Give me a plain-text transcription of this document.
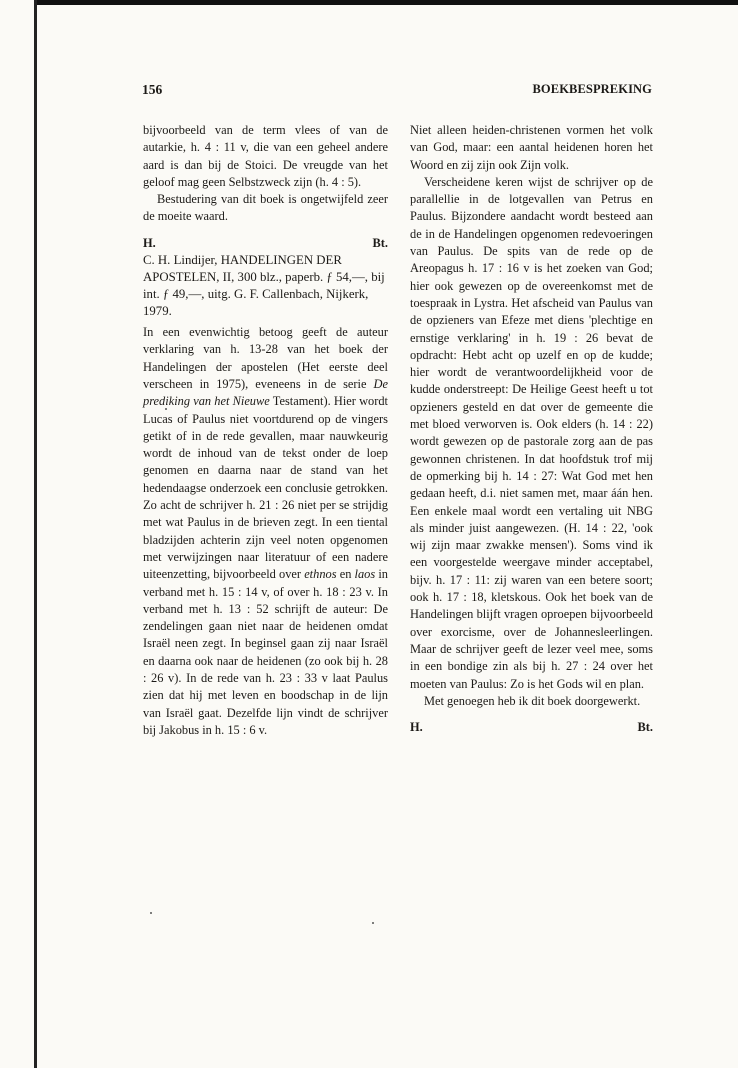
156	BOEKBESPREKING

bijvoorbeeld van de term vlees of van de autarkie, h. 4 : 11 v, die van een geheel andere aard is dan bij de Stoici. De vreugde van het geloof mag geen Selbstzweck zijn (h. 4 : 5).

Bestudering van dit boek is ongetwijfeld zeer de moeite waard.

H.	Bt.

C. H. Lindijer, HANDELINGEN DER APOSTELEN, II, 300 blz., paperb. ƒ 54,—, bij int. ƒ 49,—, uitg. G. F. Callenbach, Nijkerk, 1979.

In een evenwichtig betoog geeft de auteur verklaring van h. 13-28 van het boek der Handelingen der apostelen (Het eerste deel verscheen in 1975), eveneens in de serie De prediking van het Nieuwe Testament). Hier wordt Lucas of Paulus niet voortdurend op de vingers getikt of in de rede gevallen, maar nauwkeurig wordt de inhoud van de tekst onder de loep genomen en daarna naar de stand van het hedendaagse onderzoek een conclusie getrokken. Zo acht de schrijver h. 21 : 26 niet per se strijdig met wat Paulus in de brieven zegt. In een tiental bladzijden achterin zijn veel noten opgenomen met verwijzingen naar literatuur of een nadere uiteenzetting, bijvoorbeeld over ethnos en laos in verband met h. 15 : 14 v, of over h. 18 : 23 v. In verband met h. 13 : 52 schrijft de auteur: De zendelingen gaan niet naar de heidenen omdat Israël neen zegt. In beginsel gaan zij naar Israël en daarna ook naar de heidenen (zo ook bij h. 28 : 26 v). In de rede van h. 23 : 33 v laat Paulus zien dat hij met leven en boodschap in de lijn van Israël gaat. Dezelfde lijn vindt de schrijver bij Jakobus in h. 15 : 6 v.

Niet alleen heiden-christenen vormen het volk van God, maar: een aantal heidenen horen het Woord en zij zijn ook Zijn volk.

Verscheidene keren wijst de schrijver op de parallellie in de lotgevallen van Petrus en Paulus. Bijzondere aandacht wordt besteed aan de in de Handelingen opgenomen redevoeringen van Paulus. De spits van de rede op de Areopagus h. 17 : 16 v is het zoeken van God; hier ook gewezen op de overeenkomst met de toespraak in Lystra. Het afscheid van Paulus van de opzieners van Efeze met diens 'plechtige en ernstige verklaring' in h. 19 : 26 bevat de opdracht: Hebt acht op uzelf en op de kudde; hier wordt de verantwoordelijkheid voor de kudde onderstreept: De Heilige Geest heeft u tot opzieners gesteld en dat over de gemeente die met bloed verworven is. Ook elders (h. 14 : 22) wordt gewezen op de pastorale zorg aan de pas gewonnen christenen. In dat hoofdstuk trof mij de opmerking bij h. 14 : 27: Wat God met hen gedaan heeft, d.i. niet samen met, maar áán hen. Een enkele maal wordt een vertaling uit NBG als minder juist aangewezen. (H. 14 : 22, 'ook wij zijn maar zwakke mensen'). Soms vind ik een voorgestelde weergave minder acceptabel, bijv. h. 17 : 11: zij waren van een betere soort; ook h. 17 : 18, kletskous. Ook het boek van de Handelingen blijft vragen oproepen bijvoorbeeld over exorcisme, over de Johannesleerlingen. Maar de schrijver geeft de lezer veel mee, soms in een bondige zin als bij h. 27 : 24 over het moeten van Paulus: Zo is het Gods wil en plan.

Met genoegen heb ik dit boek doorgewerkt.

H.	Bt.
